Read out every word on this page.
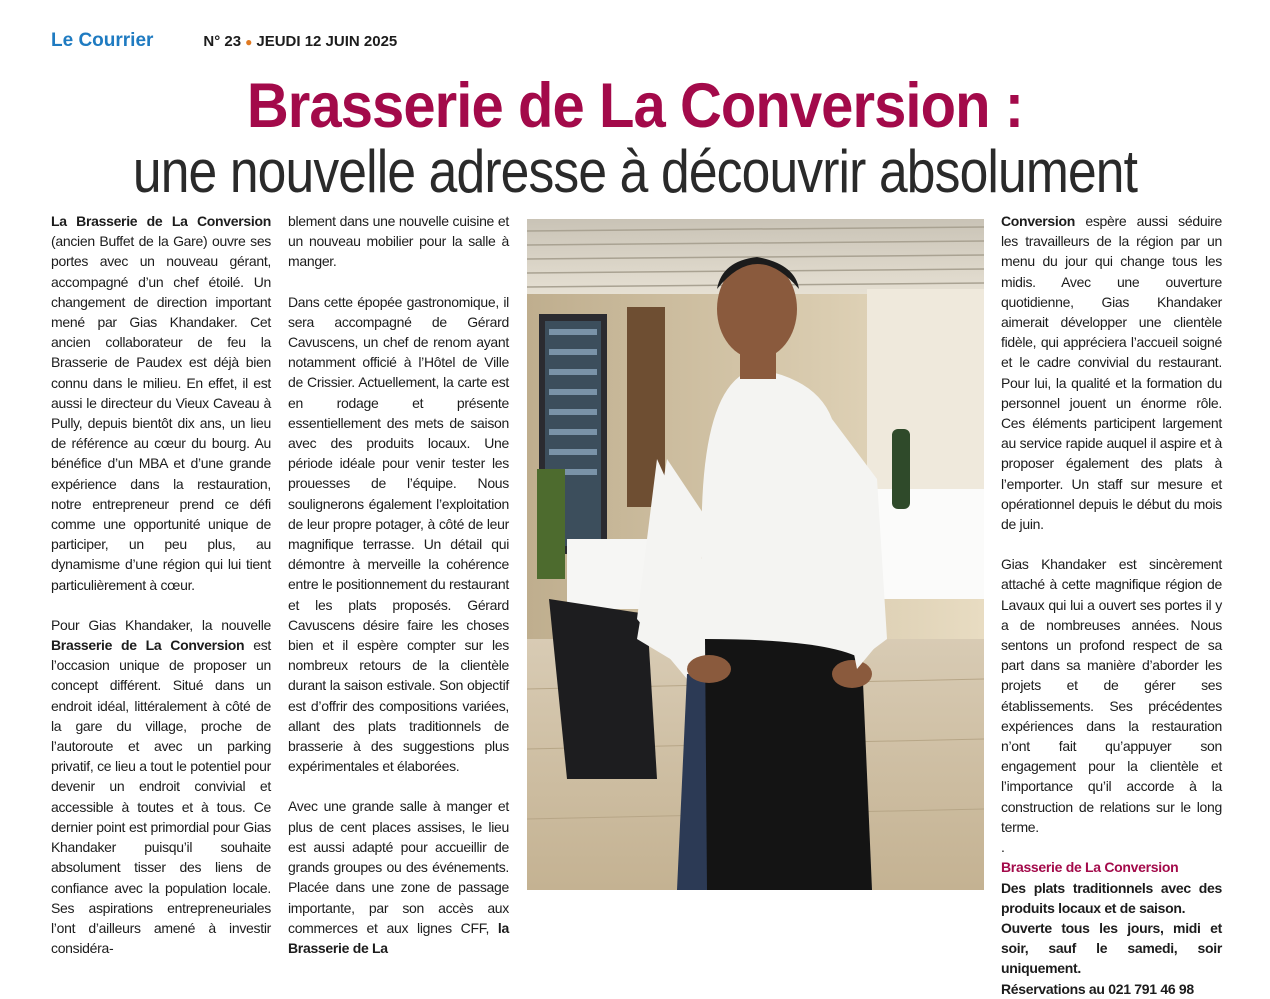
Le Courrier	N° 23 ● JEUDI 12 JUIN 2025
Brasserie de La Conversion :
une nouvelle adresse à découvrir absolument

La Brasserie de La Conversion (ancien Buffet de la Gare) ouvre ses portes avec un nouveau gérant, accompagné d’un chef étoilé. Un changement de direction important mené par Gias Khandaker. Cet ancien collaborateur de feu la Brasserie de Paudex est déjà bien connu dans le milieu. En effet, il est aussi le directeur du Vieux Caveau à Pully, depuis bientôt dix ans, un lieu de référence au cœur du bourg. Au bénéfice d’un MBA et d’une grande expérience dans la restauration, notre entrepreneur prend ce défi comme une opportunité unique de participer, un peu plus, au dynamisme d’une région qui lui tient particulièrement à cœur.

Pour Gias Khandaker, la nouvelle Brasserie de La Conversion est l’occasion unique de proposer un concept différent. Situé dans un endroit idéal, littéralement à côté de la gare du village, proche de l’autoroute et avec un parking privatif, ce lieu a tout le potentiel pour devenir un endroit convivial et accessible à toutes et à tous. Ce dernier point est primordial pour Gias Khandaker puisqu’il souhaite absolument tisser des liens de confiance avec la population locale. Ses aspirations entrepreneuriales l’ont d’ailleurs amené à investir considéra-

blement dans une nouvelle cuisine et un nouveau mobilier pour la salle à manger.

Dans cette épopée gastronomique, il sera accompagné de Gérard Cavuscens, un chef de renom ayant notamment officié à l’Hôtel de Ville de Crissier. Actuellement, la carte est en rodage et présente essentiellement des mets de saison avec des produits locaux. Une période idéale pour venir tester les prouesses de l’équipe. Nous soulignerons également l’exploitation de leur propre potager, à côté de leur magnifique terrasse. Un détail qui démontre à merveille la cohérence entre le positionnement du restaurant et les plats proposés. Gérard Cavuscens désire faire les choses bien et il espère compter sur les nombreux retours de la clientèle durant la saison estivale. Son objectif est d’offrir des compositions variées, allant des plats traditionnels de brasserie à des suggestions plus expérimentales et élaborées.

Avec une grande salle à manger et plus de cent places assises, le lieu est aussi adapté pour accueillir de grands groupes ou des événements. Placée dans une zone de passage importante, par son accès aux commerces et aux lignes CFF, la Brasserie de La

Conversion espère aussi séduire les travailleurs de la région par un menu du jour qui change tous les midis. Avec une ouverture quotidienne, Gias Khandaker aimerait développer une clientèle fidèle, qui appréciera l’accueil soigné et le cadre convivial du restaurant. Pour lui, la qualité et la formation du personnel jouent un énorme rôle. Ces éléments participent largement au service rapide auquel il aspire et à proposer également des plats à l’emporter. Un staff sur mesure et opérationnel depuis le début du mois de juin.

Gias Khandaker est sincèrement attaché à cette magnifique région de Lavaux qui lui a ouvert ses portes il y a de nombreuses années. Nous sentons un profond respect de sa part dans sa manière d’aborder les projets et de gérer ses établissements. Ses précédentes expériences dans la restauration n’ont fait qu’appuyer son engagement pour la clientèle et l’importance qu’il accorde à la construction de relations sur le long terme.

.
Brasserie de La Conversion
Des plats traditionnels avec des produits locaux et de saison.
Ouverte tous les jours, midi et soir, sauf le samedi, soir uniquement.
Réservations au 021 791 46 98
